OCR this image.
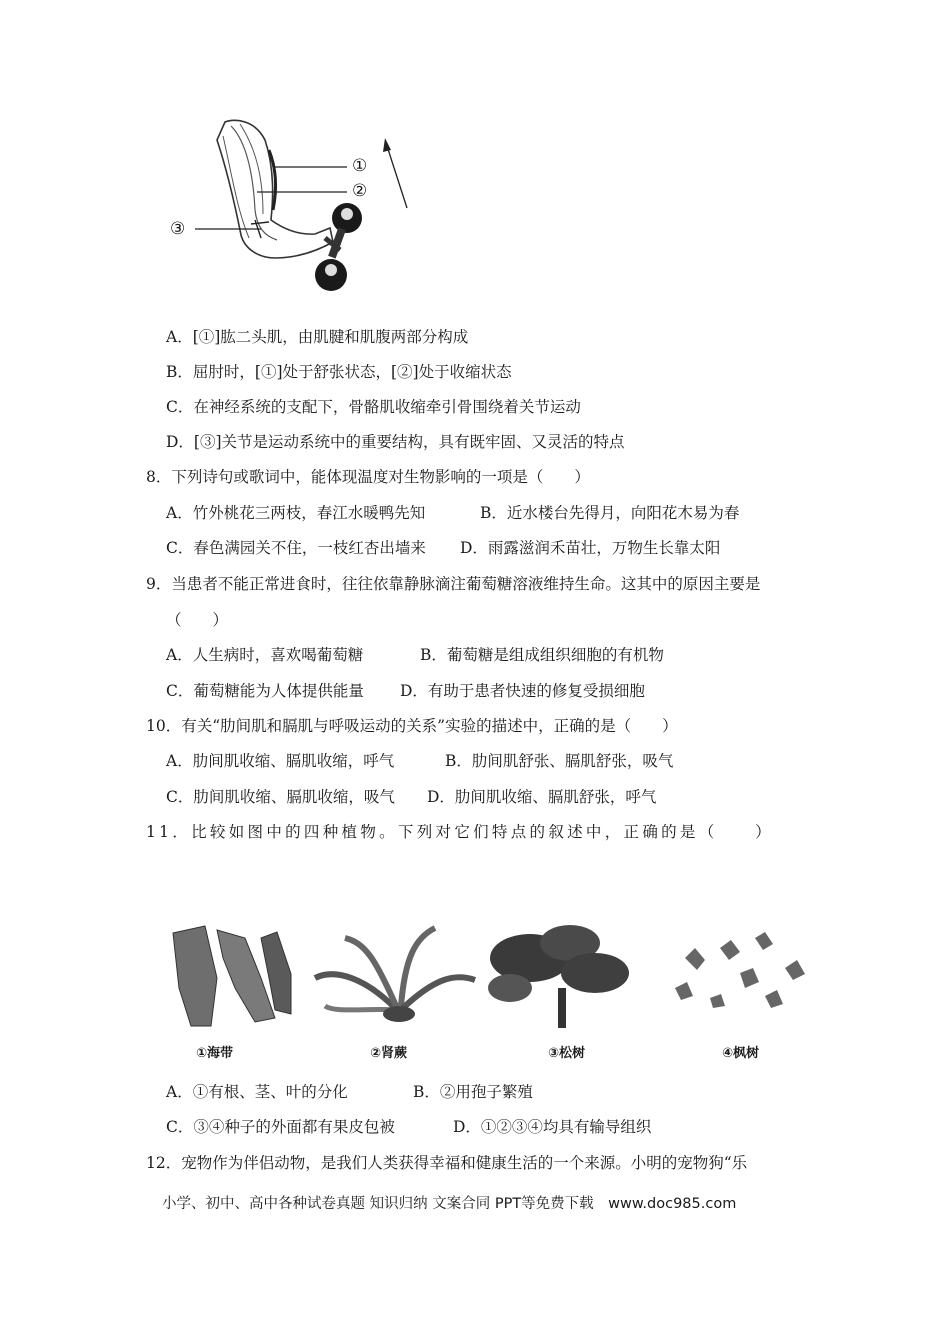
①
②
③
A．[①]肱二头肌，由肌腱和肌腹两部分构成
B．屈肘时，[①]处于舒张状态，[②]处于收缩状态
C．在神经系统的支配下，骨骼肌收缩牵引骨围绕着关节运动
D．[③]关节是运动系统中的重要结构，具有既牢固、又灵活的特点
8．下列诗句或歌词中，能体现温度对生物影响的一项是（　　）
A．竹外桃花三两枝，春江水暖鸭先知	B．近水楼台先得月，向阳花木易为春
C．春色满园关不住，一枝红杏出墙来 D．雨露滋润禾苗壮，万物生长靠太阳
9．当患者不能正常进食时，往往依靠静脉滴注葡萄糖溶液维持生命。这其中的原因主要是
（　　）
A．人生病时，喜欢喝葡萄糖	B．葡萄糖是组成组织细胞的有机物
C．葡萄糖能为人体提供能量 D．有助于患者快速的修复受损细胞
10．有关“肋间肌和膈肌与呼吸运动的关系”实验的描述中，正确的是（　　）
A．肋间肌收缩、膈肌收缩，呼气	B．肋间肌舒张、膈肌舒张，吸气
C．肋间肌收缩、膈肌收缩，吸气 D．肋间肌收缩、膈肌舒张，呼气
11．比较如图中的四种植物。下列对它们特点的叙述中，正确的是（　　）
①海带	②肾蕨	③松树	④枫树
A．①有根、茎、叶的分化	B．②用孢子繁殖
C．③④种子的外面都有果皮包被	D．①②③④均具有输导组织
12．宠物作为伴侣动物，是我们人类获得幸福和健康生活的一个来源。小明的宠物狗“乐
小学、初中、高中各种试卷真题 知识归纳 文案合同 PPT等免费下载　www.doc985.com
